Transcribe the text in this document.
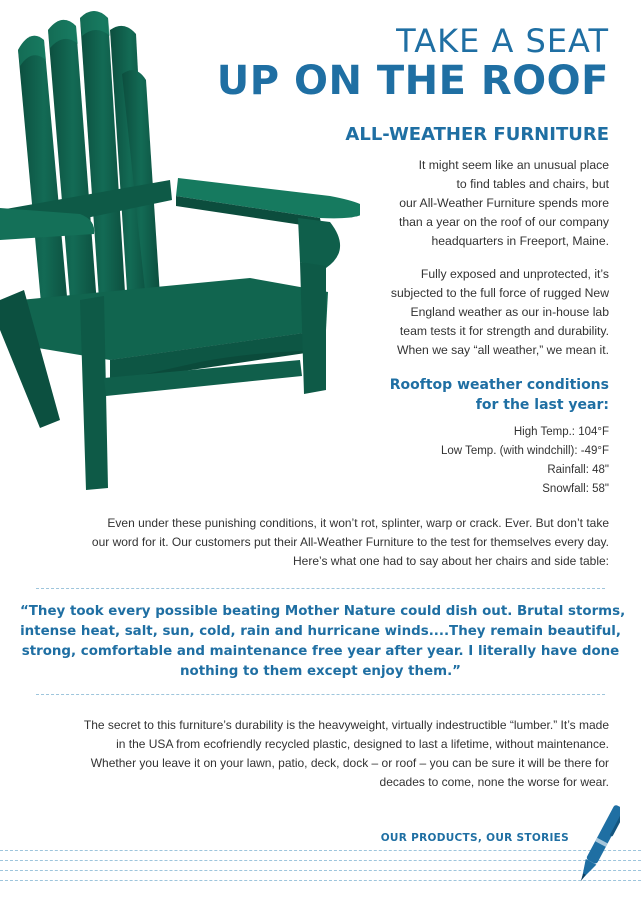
TAKE A SEAT
UP ON THE ROOF
ALL-WEATHER FURNITURE
It might seem like an unusual place
to find tables and chairs, but
our All-Weather Furniture spends more
than a year on the roof of our company
headquarters in Freeport, Maine.
Fully exposed and unprotected, it’s
subjected to the full force of rugged New
England weather as our in-house lab
team tests it for strength and durability.
When we say “all weather,” we mean it.
Rooftop weather conditions
for the last year:
High Temp.: 104°F
Low Temp. (with windchill): -49°F
Rainfall: 48"
Snowfall: 58"
Even under these punishing conditions, it won’t rot, splinter, warp or crack. Ever. But don’t take
our word for it. Our customers put their All-Weather Furniture to the test for themselves every day.
Here’s what one had to say about her chairs and side table:
“They took every possible beating Mother Nature could dish out. Brutal storms,
intense heat, salt, sun, cold, rain and hurricane winds....They remain beautiful,
strong, comfortable and maintenance free year after year. I literally have done
nothing to them except enjoy them.”
The secret to this furniture’s durability is the heavyweight, virtually indestructible “lumber.” It’s made
in the USA from ecofriendly recycled plastic, designed to last a lifetime, without maintenance.
Whether you leave it on your lawn, patio, deck, dock – or roof – you can be sure it will be there for
decades to come, none the worse for wear.
OUR PRODUCTS, OUR STORIES
